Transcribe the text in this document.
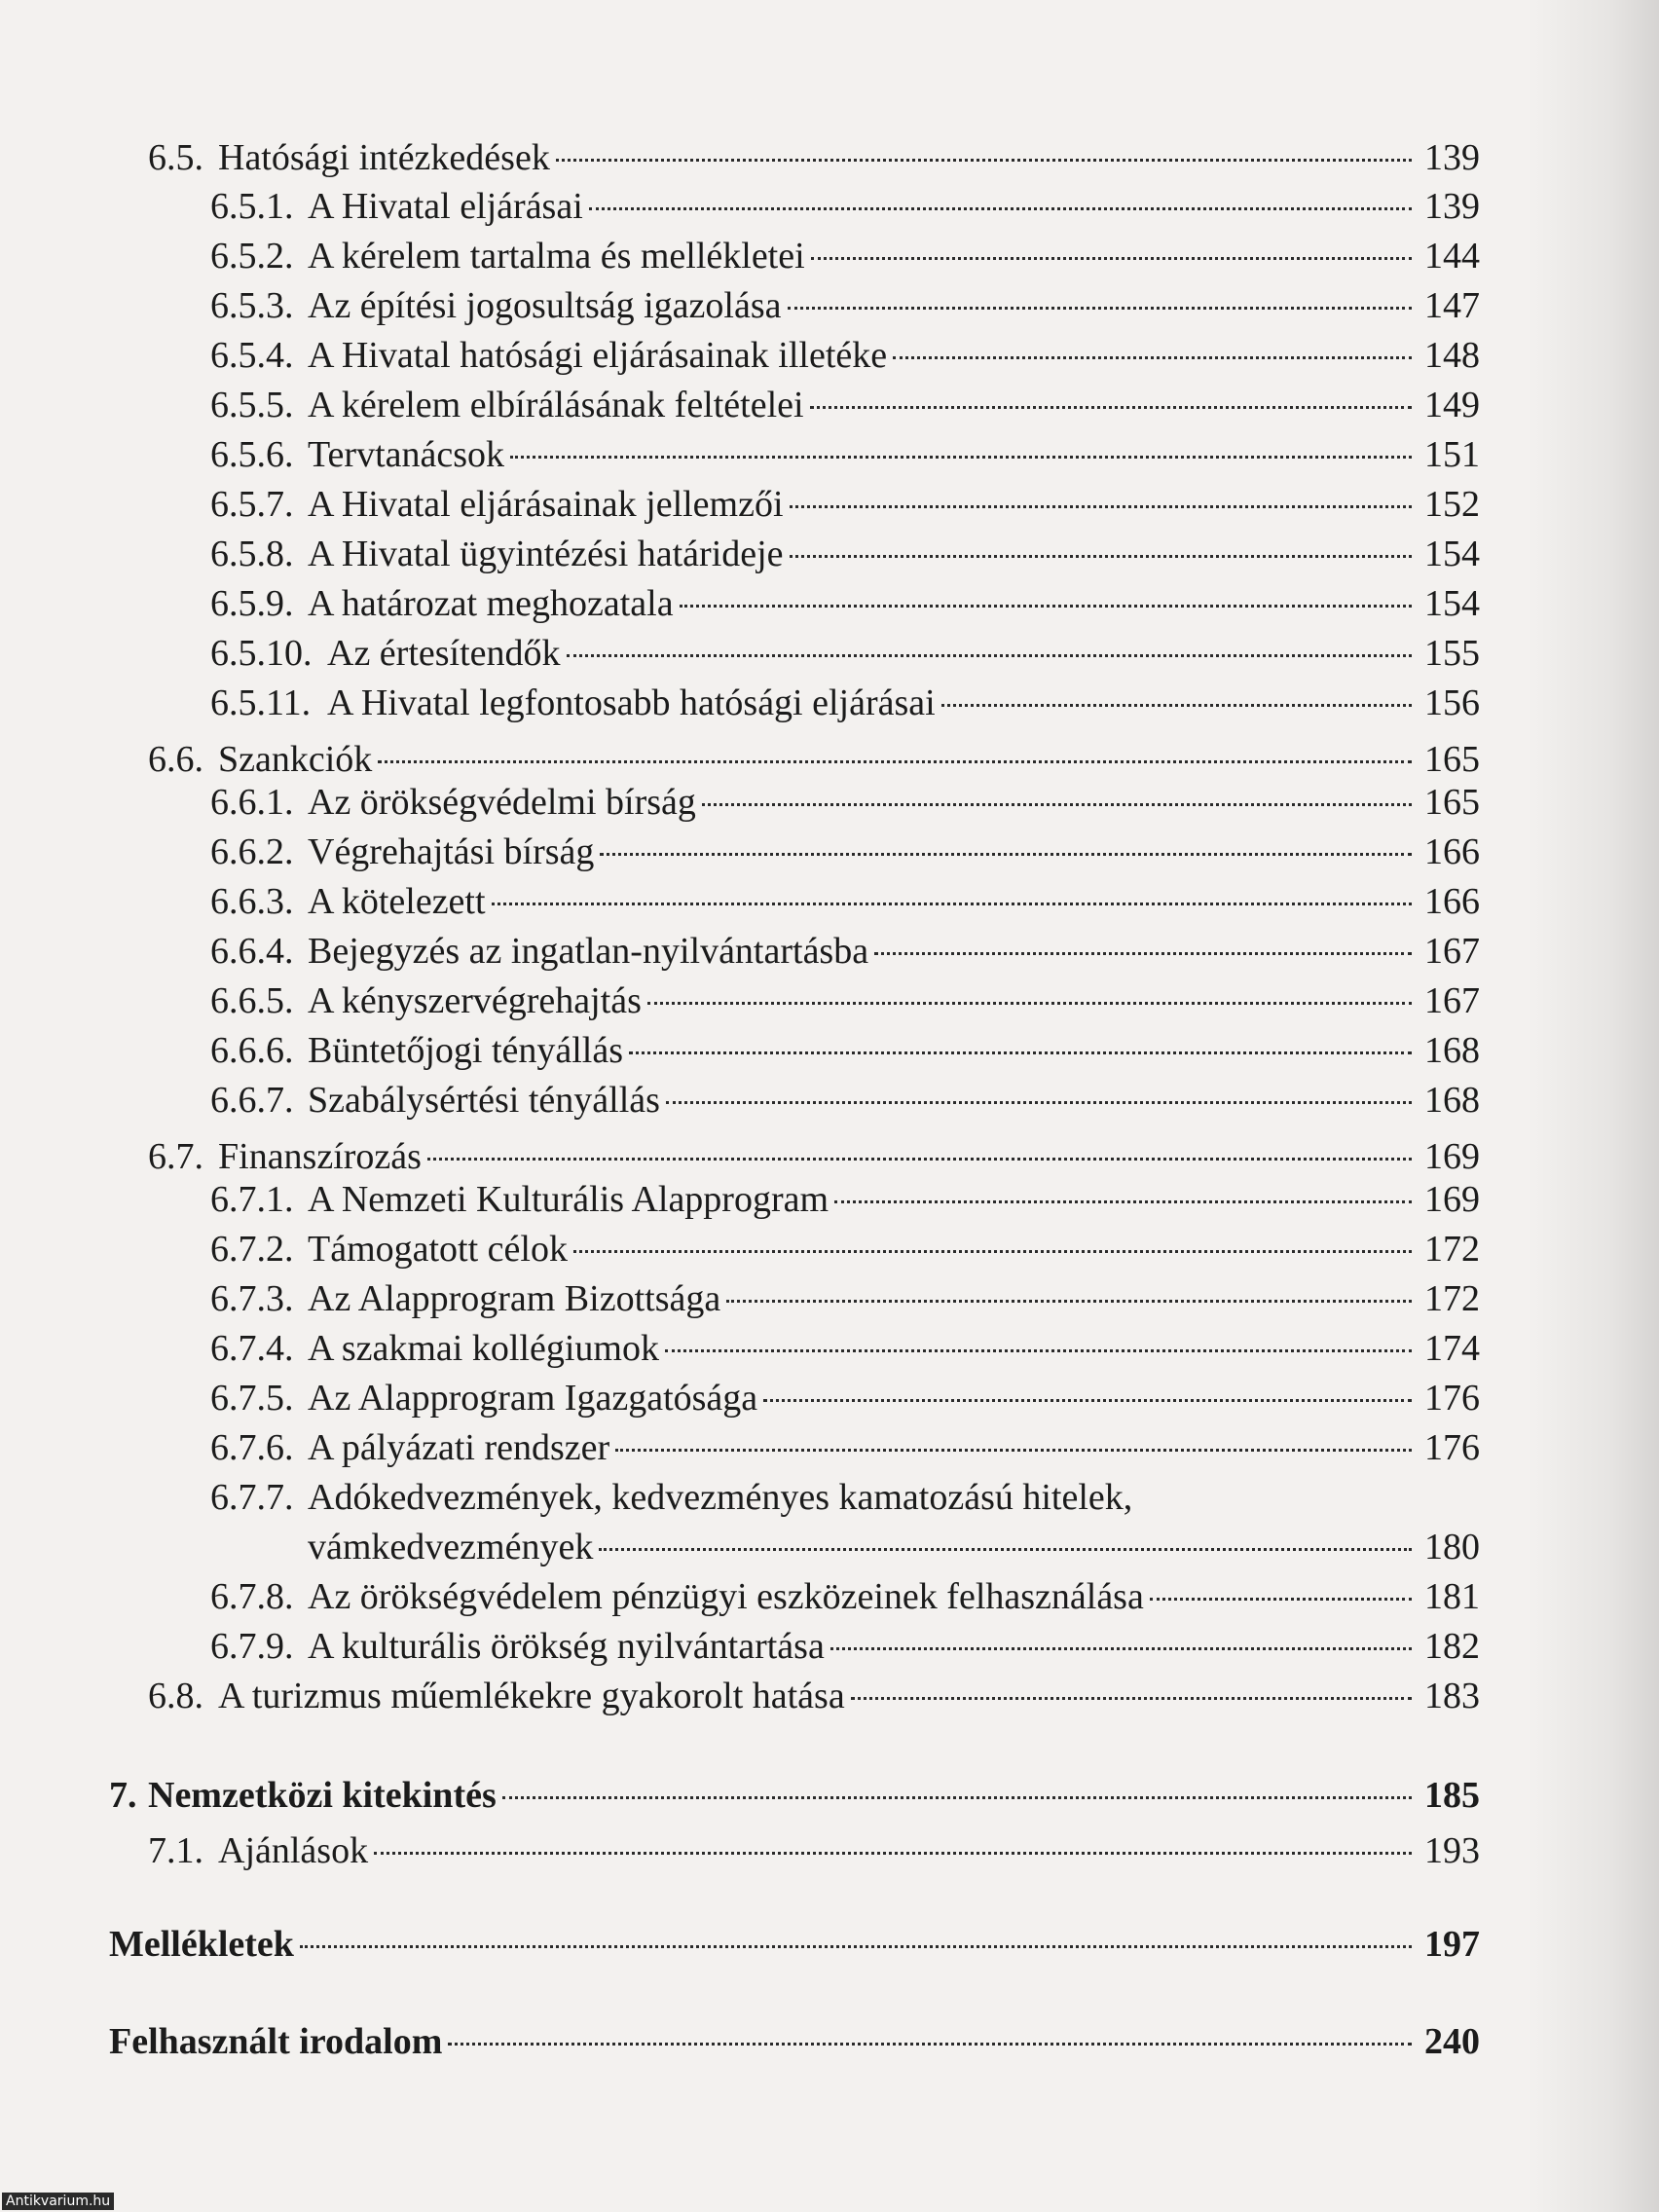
6.5. Hatósági intézkedések	139
6.5.1. A Hivatal eljárásai	139
6.5.2. A kérelem tartalma és mellékletei	144
6.5.3. Az építési jogosultság igazolása	147
6.5.4. A Hivatal hatósági eljárásainak illetéke	148
6.5.5. A kérelem elbírálásának feltételei	149
6.5.6. Tervtanácsok	151
6.5.7. A Hivatal eljárásainak jellemzői	152
6.5.8. A Hivatal ügyintézési határideje	154
6.5.9. A határozat meghozatala	154
6.5.10. Az értesítendők	155
6.5.11. A Hivatal legfontosabb hatósági eljárásai	156
6.6. Szankciók	165
6.6.1. Az örökségvédelmi bírság	165
6.6.2. Végrehajtási bírság	166
6.6.3. A kötelezett	166
6.6.4. Bejegyzés az ingatlan-nyilvántartásba	167
6.6.5. A kényszervégrehajtás	167
6.6.6. Büntetőjogi tényállás	168
6.6.7. Szabálysértési tényállás	168
6.7. Finanszírozás	169
6.7.1. A Nemzeti Kulturális Alapprogram	169
6.7.2. Támogatott célok	172
6.7.3. Az Alapprogram Bizottsága	172
6.7.4. A szakmai kollégiumok	174
6.7.5. Az Alapprogram Igazgatósága	176
6.7.6. A pályázati rendszer	176
6.7.7. Adókedvezmények, kedvezményes kamatozású hitelek,
vámkedvezmények	180
6.7.8. Az örökségvédelem pénzügyi eszközeinek felhasználása	181
6.7.9. A kulturális örökség nyilvántartása	182
6.8. A turizmus műemlékekre gyakorolt hatása	183
7. Nemzetközi kitekintés	185
7.1. Ajánlások	193
Mellékletek	197
Felhasznált irodalom	240
Antikvarium.hu
